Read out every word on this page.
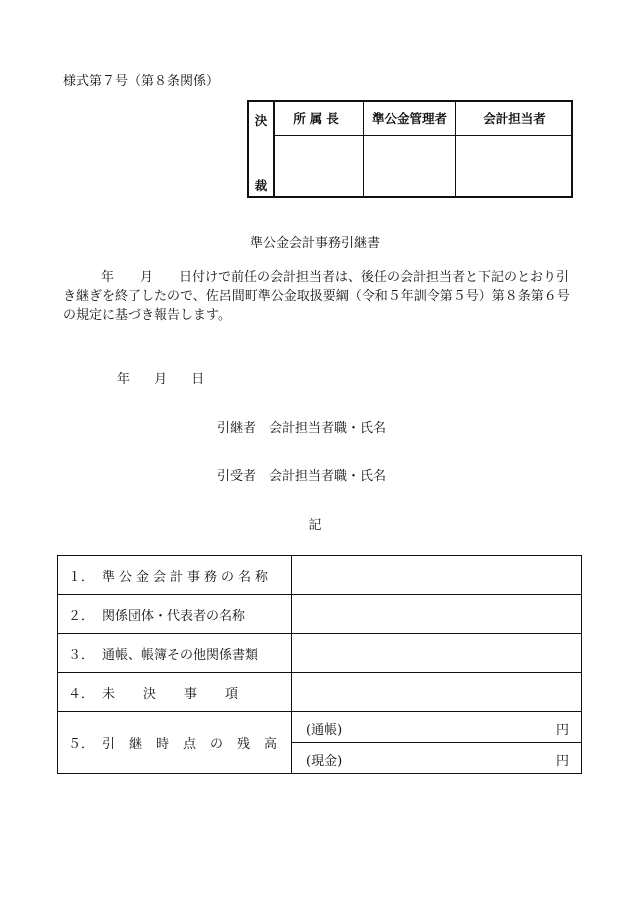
様式第７号（第８条関係）
決
裁
所属長	準公金管理者	会計担当者
準公金会計事務引継書
年　　月　　日付けで前任の会計担当者は、後任の会計担当者と下記のとおり引
き継ぎを終了したので、佐呂間町準公金取扱要綱（令和５年訓令第５号）第８条第６号
の規定に基づき報告します。
年 月 日
引継者　会計担当者職・氏名
引受者　会計担当者職・氏名
記
１． 準公金会計事務の名称	
２． 関係団体・代表者の名称	
３． 通帳、帳簿その他関係書類	
４． 未決事項	
５． 引継時点の残高	(通帳) 円

	(現金) 円
